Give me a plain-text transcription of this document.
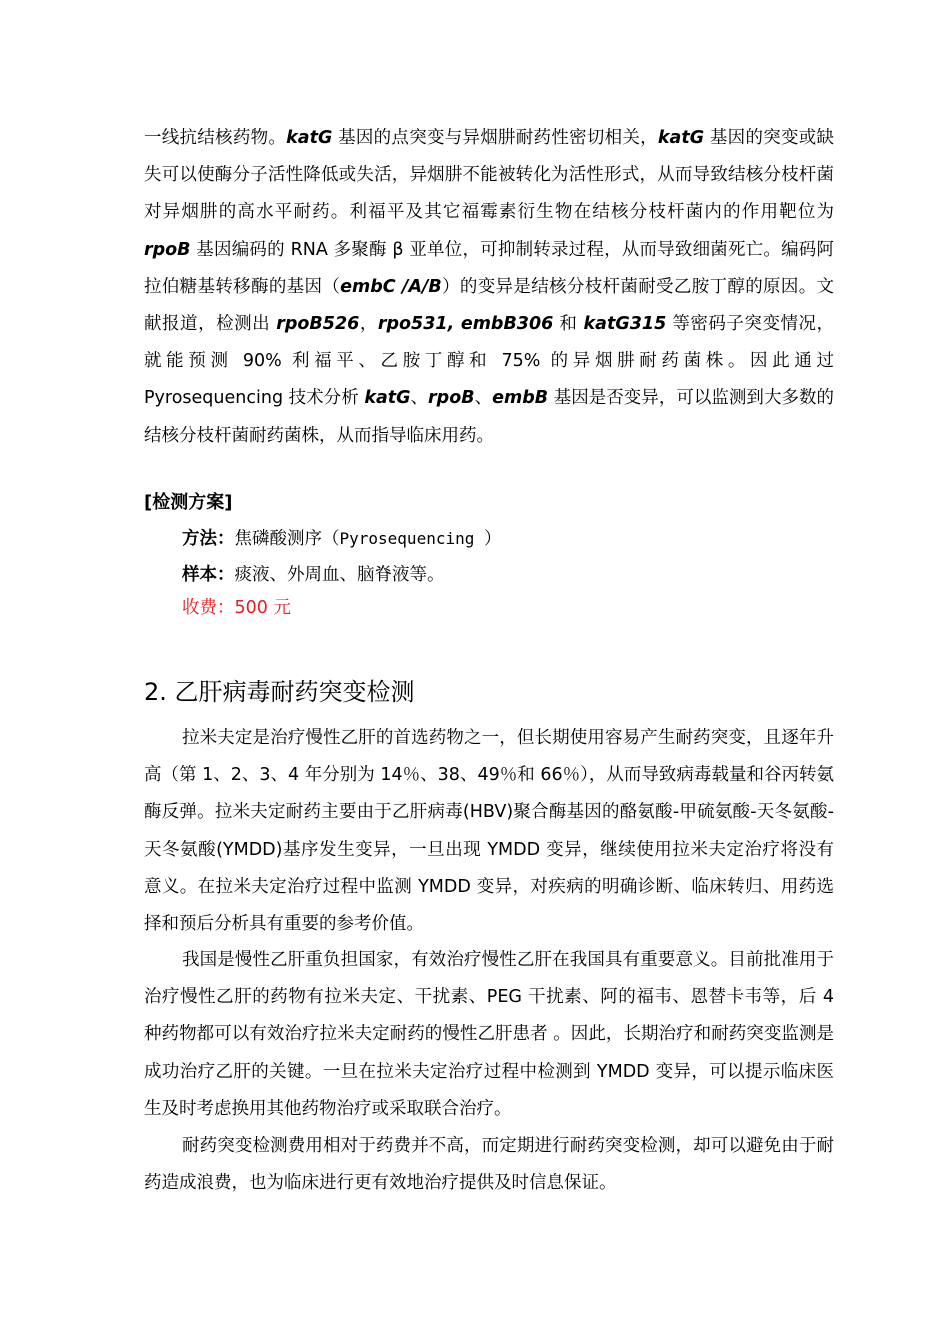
一线抗结核药物。katG 基因的点突变与异烟肼耐药性密切相关，katG 基因的突变或缺失可以使酶分子活性降低或失活，异烟肼不能被转化为活性形式，从而导致结核分枝杆菌对异烟肼的高水平耐药。利福平及其它福霉素衍生物在结核分枝杆菌内的作用靶位为 rpoB 基因编码的 RNA 多聚酶 β 亚单位，可抑制转录过程，从而导致细菌死亡。编码阿拉伯糖基转移酶的基因（embC /A/B）的变异是结核分枝杆菌耐受乙胺丁醇的原因。文献报道，检测出 rpoB526，rpo531, embB306 和 katG315 等密码子突变情况，就能预测 90% 利福平、乙胺丁醇和 75% 的异烟肼耐药菌株。因此通过 Pyrosequencing 技术分析 katG、rpoB、embB 基因是否变异，可以监测到大多数的结核分枝杆菌耐药菌株，从而指导临床用药。

[检测方案]
方法：焦磷酸测序（Pyrosequencing ）
样本：痰液、外周血、脑脊液等。
收费：500 元
2. 乙肝病毒耐药突变检测

拉米夫定是治疗慢性乙肝的首选药物之一，但长期使用容易产生耐药突变，且逐年升高（第 1、2、3、4 年分别为 14％、38、49％和 66％），从而导致病毒载量和谷丙转氨酶反弹。拉米夫定耐药主要由于乙肝病毒(HBV)聚合酶基因的酪氨酸-甲硫氨酸-天冬氨酸-天冬氨酸(YMDD)基序发生变异，一旦出现 YMDD 变异，继续使用拉米夫定治疗将没有意义。在拉米夫定治疗过程中监测 YMDD 变异，对疾病的明确诊断、临床转归、用药选择和预后分析具有重要的参考价值。

我国是慢性乙肝重负担国家，有效治疗慢性乙肝在我国具有重要意义。目前批准用于治疗慢性乙肝的药物有拉米夫定、干扰素、PEG 干扰素、阿的福韦、恩替卡韦等，后 4 种药物都可以有效治疗拉米夫定耐药的慢性乙肝患者 。因此，长期治疗和耐药突变监测是成功治疗乙肝的关键。一旦在拉米夫定治疗过程中检测到 YMDD 变异，可以提示临床医生及时考虑换用其他药物治疗或采取联合治疗。

耐药突变检测费用相对于药费并不高，而定期进行耐药突变检测，却可以避免由于耐药造成浪费，也为临床进行更有效地治疗提供及时信息保证。
